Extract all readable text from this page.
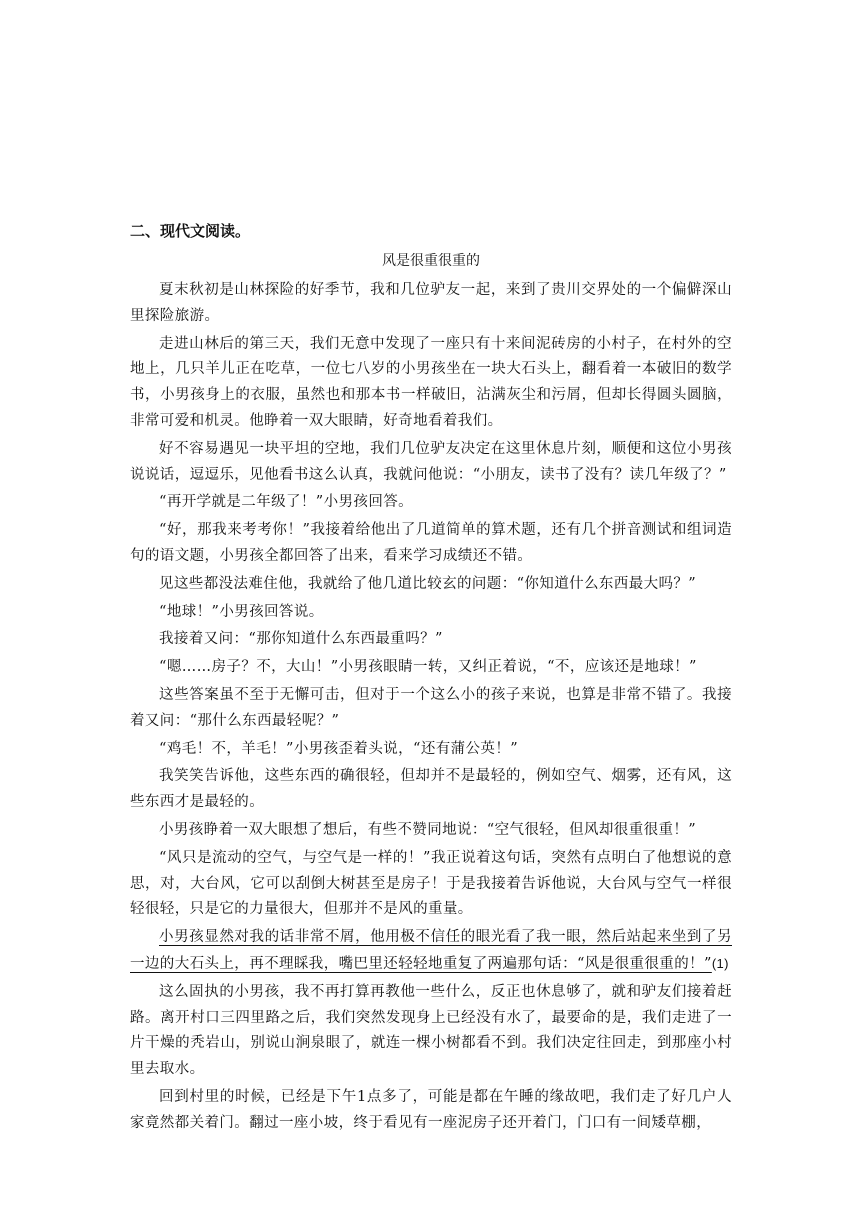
二、现代文阅读。
风是很重很重的

夏末秋初是山林探险的好季节，我和几位驴友一起，来到了贵川交界处的一个偏僻深山里探险旅游。

走进山林后的第三天，我们无意中发现了一座只有十来间泥砖房的小村子，在村外的空地上，几只羊儿正在吃草，一位七八岁的小男孩坐在一块大石头上，翻看着一本破旧的数学书，小男孩身上的衣服，虽然也和那本书一样破旧，沾满灰尘和污屑，但却长得圆头圆脑，非常可爱和机灵。他睁着一双大眼睛，好奇地看着我们。

好不容易遇见一块平坦的空地，我们几位驴友决定在这里休息片刻，顺便和这位小男孩说说话，逗逗乐，见他看书这么认真，我就问他说：“小朋友，读书了没有？读几年级了？”

“再开学就是二年级了！”小男孩回答。

“好，那我来考考你！”我接着给他出了几道简单的算术题，还有几个拼音测试和组词造句的语文题，小男孩全都回答了出来，看来学习成绩还不错。

见这些都没法难住他，我就给了他几道比较玄的问题：“你知道什么东西最大吗？”

“地球！”小男孩回答说。

我接着又问：“那你知道什么东西最重吗？”

“嗯……房子？不，大山！”小男孩眼睛一转，又纠正着说，“不，应该还是地球！”

这些答案虽不至于无懈可击，但对于一个这么小的孩子来说，也算是非常不错了。我接着又问：“那什么东西最轻呢？”

“鸡毛！不，羊毛！”小男孩歪着头说，“还有蒲公英！”

我笑笑告诉他，这些东西的确很轻，但却并不是最轻的，例如空气、烟雾，还有风，这些东西才是最轻的。

小男孩睁着一双大眼想了想后，有些不赞同地说：“空气很轻，但风却很重很重！”

“风只是流动的空气，与空气是一样的！”我正说着这句话，突然有点明白了他想说的意思，对，大台风，它可以刮倒大树甚至是房子！于是我接着告诉他说，大台风与空气一样很轻很轻，只是它的力量很大，但那并不是风的重量。

小男孩显然对我的话非常不屑，他用极不信任的眼光看了我一眼，然后站起来坐到了另一边的大石头上，再不理睬我，嘴巴里还轻轻地重复了两遍那句话：“风是很重很重的！”(1)

这么固执的小男孩，我不再打算再教他一些什么，反正也休息够了，就和驴友们接着赶路。离开村口三四里路之后，我们突然发现身上已经没有水了，最要命的是，我们走进了一片干燥的秃岩山，别说山涧泉眼了，就连一棵小树都看不到。我们决定往回走，到那座小村里去取水。

回到村里的时候，已经是下午1点多了，可能是都在午睡的缘故吧，我们走了好几户人家竟然都关着门。翻过一座小坡，终于看见有一座泥房子还开着门，门口有一间矮草棚，
